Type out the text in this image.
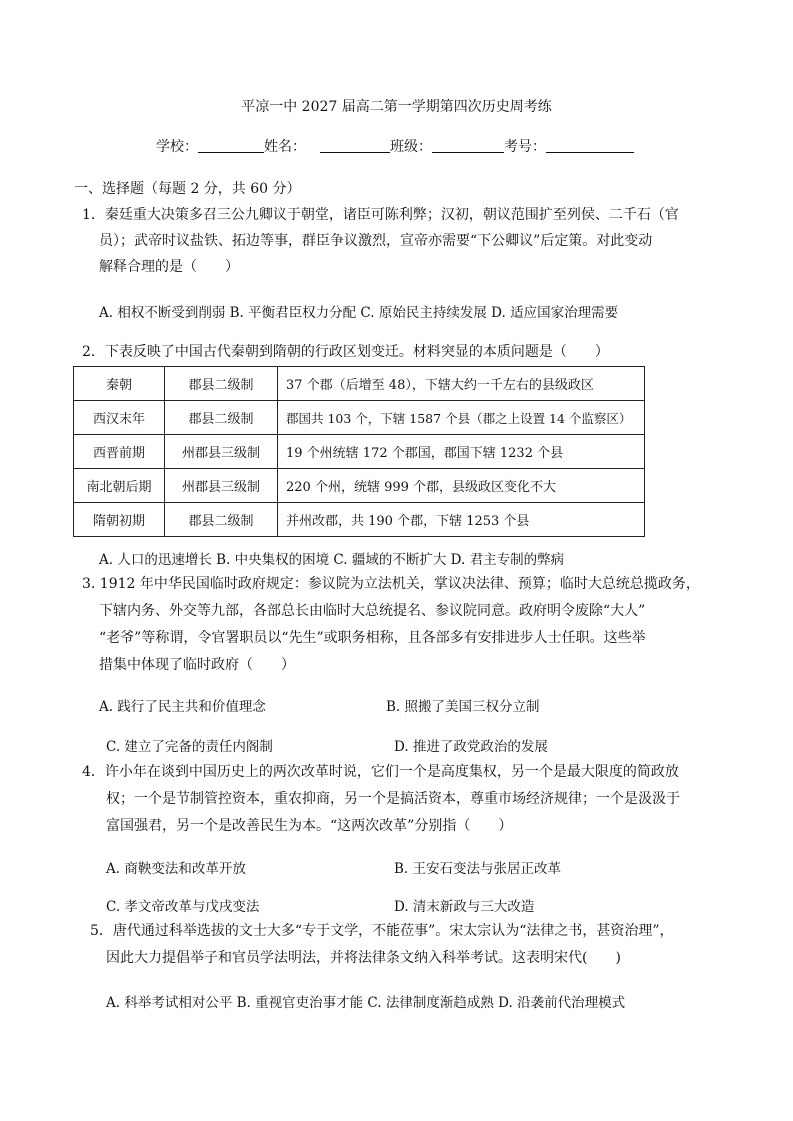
平凉一中 2027 届高二第一学期第四次历史周考练
学校：	姓名：	班级：	考号：
一、选择题（每题 2 分，共 60 分）
1．秦廷重大决策多召三公九卿议于朝堂，诸臣可陈利弊；汉初，朝议范围扩至列侯、二千石（官
员）；武帝时议盐铁、拓边等事，群臣争议激烈，宣帝亦需要“下公卿议”后定策。对此变动
解释合理的是（　　）
A. 相权不断受到削弱 B. 平衡君臣权力分配 C. 原始民主持续发展 D. 适应国家治理需要
2．下表反映了中国古代秦朝到隋朝的行政区划变迁。材料突显的本质问题是（　　）
秦朝	郡县二级制	37 个郡（后增至 48），下辖大约一千左右的县级政区
西汉末年	郡县二级制	郡国共 103 个，下辖 1587 个县（郡之上设置 14 个监察区）
西晋前期	州郡县三级制	19 个州统辖 172 个郡国，郡国下辖 1232 个县
南北朝后期	州郡县三级制	220 个州，统辖 999 个郡，县级政区变化不大
隋朝初期	郡县二级制	并州改郡，共 190 个郡，下辖 1253 个县
A. 人口的迅速增长 B. 中央集权的困境 C. 疆域的不断扩大 D. 君主专制的弊病
3. 1912 年中华民国临时政府规定：参议院为立法机关，掌议决法律、预算；临时大总统总揽政务，
下辖内务、外交等九部，各部总长由临时大总统提名、参议院同意。政府明令废除“大人”
“老爷”等称谓，令官署职员以“先生”或职务相称，且各部多有安排进步人士任职。这些举
措集中体现了临时政府（　　）
A. 践行了民主共和价值理念	B. 照搬了美国三权分立制
C. 建立了完备的责任内阁制	D. 推进了政党政治的发展
4．许小年在谈到中国历史上的两次改革时说，它们一个是高度集权，另一个是最大限度的简政放
权；一个是节制管控资本，重农抑商，另一个是搞活资本，尊重市场经济规律；一个是汲汲于
富国强君，另一个是改善民生为本。“这两次改革”分别指（　　）
A. 商鞅变法和改革开放	B. 王安石变法与张居正改革
C. 孝文帝改革与戊戌变法	D. 清末新政与三大改造
5．唐代通过科举选拔的文士大多“专于文学，不能莅事”。宋太宗认为“法律之书，甚资治理”，
因此大力提倡举子和官员学法明法，并将法律条文纳入科举考试。这表明宋代(　　)
A. 科举考试相对公平 B. 重视官吏治事才能 C. 法律制度渐趋成熟 D. 沿袭前代治理模式
